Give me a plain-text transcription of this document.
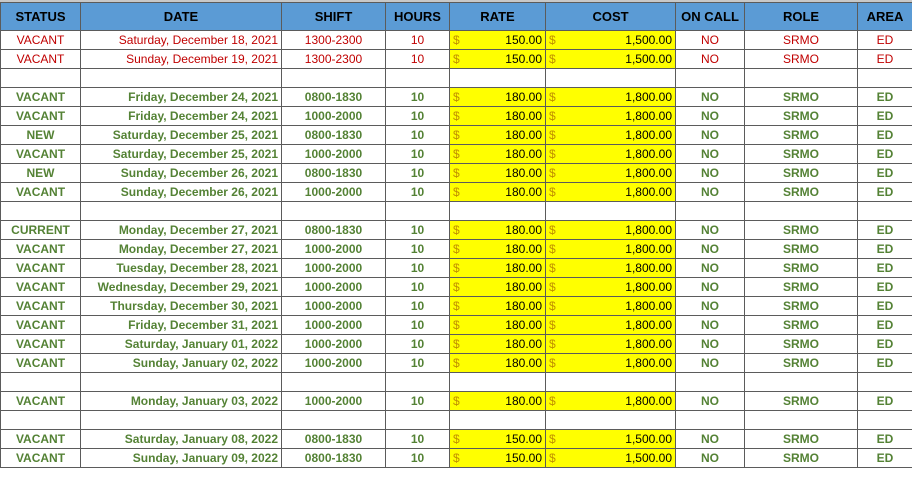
STATUS	DATE	SHIFT	HOURS	RATE	COST	ON CALL	ROLE	AREA
VACANT	Saturday, December 18, 2021	1300-2300	10	$ 150.00	$ 1,500.00	NO	SRMO	ED
VACANT	Sunday, December 19, 2021	1300-2300	10	$ 150.00	$ 1,500.00	NO	SRMO	ED

VACANT	Friday, December 24, 2021	0800-1830	10	$ 180.00	$ 1,800.00	NO	SRMO	ED
VACANT	Friday, December 24, 2021	1000-2000	10	$ 180.00	$ 1,800.00	NO	SRMO	ED
NEW	Saturday, December 25, 2021	0800-1830	10	$ 180.00	$ 1,800.00	NO	SRMO	ED
VACANT	Saturday, December 25, 2021	1000-2000	10	$ 180.00	$ 1,800.00	NO	SRMO	ED
NEW	Sunday, December 26, 2021	0800-1830	10	$ 180.00	$ 1,800.00	NO	SRMO	ED
VACANT	Sunday, December 26, 2021	1000-2000	10	$ 180.00	$ 1,800.00	NO	SRMO	ED

CURRENT	Monday, December 27, 2021	0800-1830	10	$ 180.00	$ 1,800.00	NO	SRMO	ED
VACANT	Monday, December 27, 2021	1000-2000	10	$ 180.00	$ 1,800.00	NO	SRMO	ED
VACANT	Tuesday, December 28, 2021	1000-2000	10	$ 180.00	$ 1,800.00	NO	SRMO	ED
VACANT	Wednesday, December 29, 2021	1000-2000	10	$ 180.00	$ 1,800.00	NO	SRMO	ED
VACANT	Thursday, December 30, 2021	1000-2000	10	$ 180.00	$ 1,800.00	NO	SRMO	ED
VACANT	Friday, December 31, 2021	1000-2000	10	$ 180.00	$ 1,800.00	NO	SRMO	ED
VACANT	Saturday, January 01, 2022	1000-2000	10	$ 180.00	$ 1,800.00	NO	SRMO	ED
VACANT	Sunday, January 02, 2022	1000-2000	10	$ 180.00	$ 1,800.00	NO	SRMO	ED

VACANT	Monday, January 03, 2022	1000-2000	10	$ 180.00	$ 1,800.00	NO	SRMO	ED

VACANT	Saturday, January 08, 2022	0800-1830	10	$ 150.00	$ 1,500.00	NO	SRMO	ED
VACANT	Sunday, January 09, 2022	0800-1830	10	$ 150.00	$ 1,500.00	NO	SRMO	ED
